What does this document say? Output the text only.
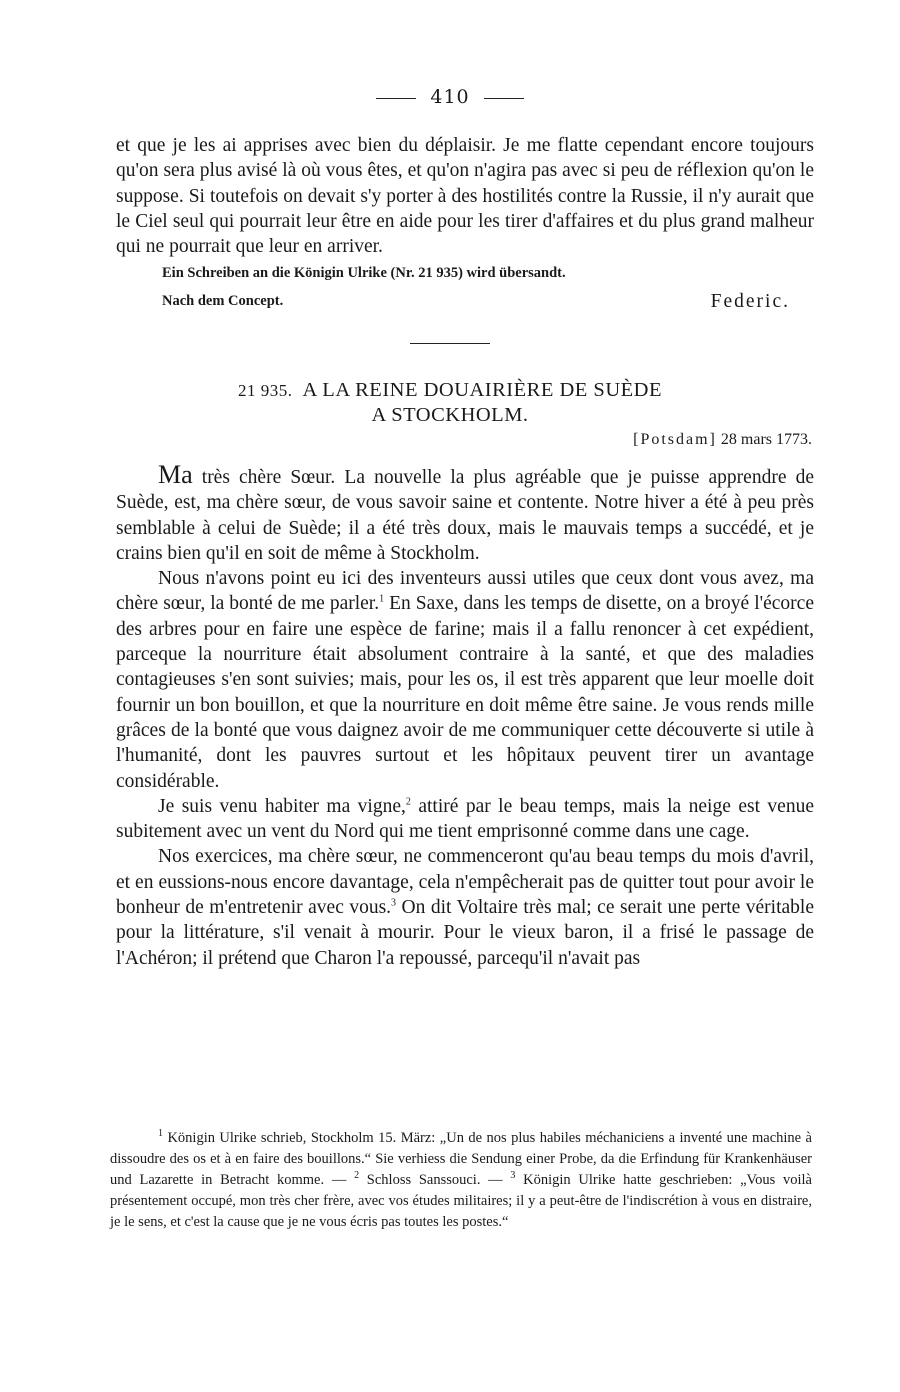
410

et que je les ai apprises avec bien du déplaisir. Je me flatte cependant encore toujours qu'on sera plus avisé là où vous êtes, et qu'on n'agira pas avec si peu de réflexion qu'on le suppose. Si toutefois on devait s'y porter à des hostilités contre la Russie, il n'y aurait que le Ciel seul qui pourrait leur être en aide pour les tirer d'affaires et du plus grand malheur qui ne pourrait que leur en arriver.

Ein Schreiben an die Königin Ulrike (Nr. 21 935) wird übersandt.

Nach dem Concept.	Federic.
21 935. A LA REINE DOUAIRIÈRE DE SUÈDE
A STOCKHOLM.
[Potsdam] 28 mars 1773.

Ma très chère Sœur. La nouvelle la plus agréable que je puisse apprendre de Suède, est, ma chère sœur, de vous savoir saine et contente. Notre hiver a été à peu près semblable à celui de Suède; il a été très doux, mais le mauvais temps a succédé, et je crains bien qu'il en soit de même à Stockholm.

Nous n'avons point eu ici des inventeurs aussi utiles que ceux dont vous avez, ma chère sœur, la bonté de me parler.$^1$ En Saxe, dans les temps de disette, on a broyé l'écorce des arbres pour en faire une espèce de farine; mais il a fallu renoncer à cet expédient, parceque la nourriture était absolument contraire à la santé, et que des maladies contagieuses s'en sont suivies; mais, pour les os, il est très apparent que leur moelle doit fournir un bon bouillon, et que la nourriture en doit même être saine. Je vous rends mille grâces de la bonté que vous daignez avoir de me communiquer cette découverte si utile à l'humanité, dont les pauvres surtout et les hôpitaux peuvent tirer un avantage considérable.

Je suis venu habiter ma vigne,$^2$ attiré par le beau temps, mais la neige est venue subitement avec un vent du Nord qui me tient emprisonné comme dans une cage.

Nos exercices, ma chère sœur, ne commenceront qu'au beau temps du mois d'avril, et en eussions-nous encore davantage, cela n'empêcherait pas de quitter tout pour avoir le bonheur de m'entretenir avec vous.$^3$ On dit Voltaire très mal; ce serait une perte véritable pour la littérature, s'il venait à mourir. Pour le vieux baron, il a frisé le passage de l'Achéron; il prétend que Charon l'a repoussé, parcequ'il n'avait pas

$^1$ Königin Ulrike schrieb, Stockholm 15. März: „Un de nos plus habiles méchaniciens a inventé une machine à dissoudre des os et à en faire des bouillons.“ Sie verhiess die Sendung einer Probe, da die Erfindung für Krankenhäuser und Lazarette in Betracht komme. — $^2$ Schloss Sanssouci. — $^3$ Königin Ulrike hatte geschrieben: „Vous voilà présentement occupé, mon très cher frère, avec vos études militaires; il y a peut-être de l'indiscrétion à vous en distraire, je le sens, et c'est la cause que je ne vous écris pas toutes les postes.“
